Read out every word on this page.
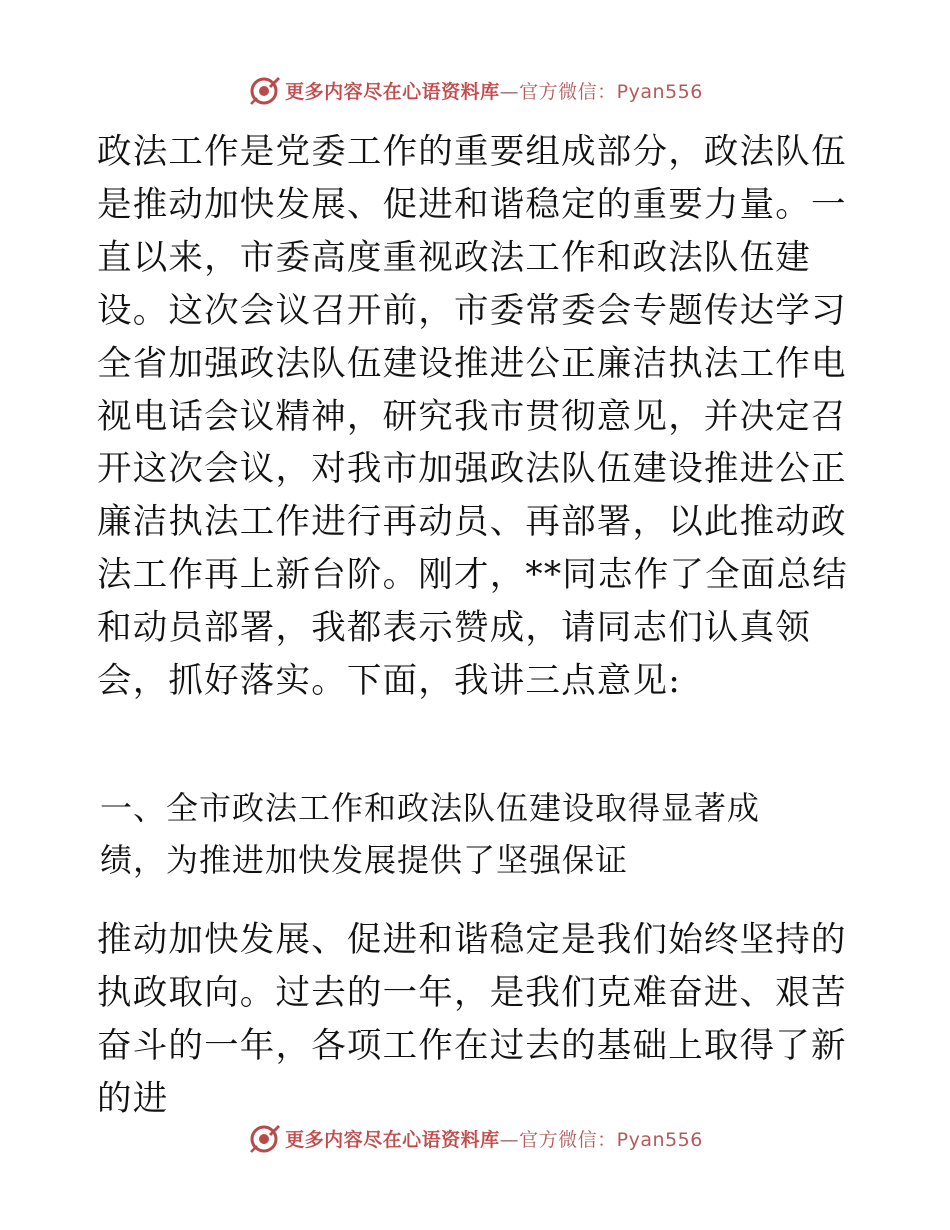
更多内容尽在心语资料库—官方微信：Pyan556

政法工作是党委工作的重要组成部分，政法队伍是推动加快发展、促进和谐稳定的重要力量。一直以来，市委高度重视政法工作和政法队伍建设。这次会议召开前，市委常委会专题传达学习全省加强政法队伍建设推进公正廉洁执法工作电视电话会议精神，研究我市贯彻意见，并决定召开这次会议，对我市加强政法队伍建设推进公正廉洁执法工作进行再动员、再部署，以此推动政法工作再上新台阶。刚才，**同志作了全面总结和动员部署，我都表示赞成，请同志们认真领会，抓好落实。下面，我讲三点意见:

一、全市政法工作和政法队伍建设取得显著成绩，为推进加快发展提供了坚强保证

推动加快发展、促进和谐稳定是我们始终坚持的执政取向。过去的一年，是我们克难奋进、艰苦奋斗的一年，各项工作在过去的基础上取得了新的进

更多内容尽在心语资料库—官方微信：Pyan556
